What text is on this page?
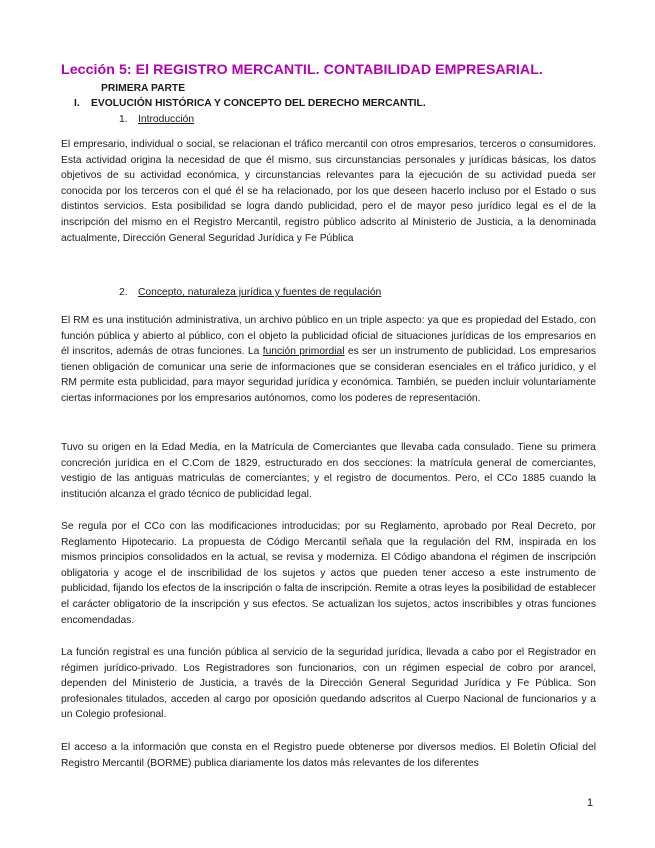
Lección 5: El REGISTRO MERCANTIL. CONTABILIDAD EMPRESARIAL.
PRIMERA PARTE
I. EVOLUCIÓN HISTÓRICA Y CONCEPTO DEL DERECHO MERCANTIL.
1. Introducción

El empresario, individual o social, se relacionan el tráfico mercantil con otros empresarios, terceros o consumidores. Esta actividad origina la necesidad de que él mismo, sus circunstancias personales y jurídicas básicas, los datos objetivos de su actividad económica, y circunstancias relevantes para la ejecución de su actividad pueda ser conocida por los terceros con el qué él se ha relacionado, por los que deseen hacerlo incluso por el Estado o sus distintos servicios. Esta posibilidad se logra dando publicidad, pero el de mayor peso jurídico legal es el de la inscripción del mismo en el Registro Mercantil, registro público adscrito al Ministerio de Justicia, a la denominada actualmente, Dirección General Seguridad Jurídica y Fe Pública

2. Concepto, naturaleza jurídica y fuentes de regulación

El RM es una institución administrativa, un archivo público en un triple aspecto: ya que es propiedad del Estado, con función pública y abierto al público, con el objeto la publicidad oficial de situaciones jurídicas de los empresarios en él inscritos, además de otras funciones. La función primordial es ser un instrumento de publicidad. Los empresarios tienen obligación de comunicar una serie de informaciones que se consideran esenciales en el tráfico jurídico, y el RM permite esta publicidad, para mayor seguridad jurídica y económica. También, se pueden incluir voluntariamente ciertas informaciones por los empresarios autónomos, como los poderes de representación.

Tuvo su origen en la Edad Media, en la Matrícula de Comerciantes que llevaba cada consulado. Tiene su primera concreción jurídica en el C.Com de 1829, estructurado en dos secciones: la matrícula general de comerciantes, vestigio de las antiguas matriculas de comerciantes; y el registro de documentos. Pero, el CCo 1885 cuando la institución alcanza el grado técnico de publicidad legal.

Se regula por el CCo con las modificaciones introducidas; por su Reglamento, aprobado por Real Decreto, por Reglamento Hipotecario. La propuesta de Código Mercantil señala que la regulación del RM, inspirada en los mismos principios consolidados en la actual, se revisa y moderniza. El Código abandona el régimen de inscripción obligatoria y acoge el de inscribilidad de los sujetos y actos que pueden tener acceso a este instrumento de publicidad, fijando los efectos de la inscripción o falta de inscripción. Remite a otras leyes la posibilidad de establecer el carácter obligatorio de la inscripción y sus efectos. Se actualizan los sujetos, actos inscribibles y otras funciones encomendadas.

La función registral es una función pública al servicio de la seguridad jurídica, llevada a cabo por el Registrador en régimen jurídico-privado. Los Registradores son funcionarios, con un régimen especial de cobro por arancel, dependen del Ministerio de Justicia, a través de la Dirección General Seguridad Jurídica y Fe Pública. Son profesionales titulados, acceden al cargo por oposición quedando adscritos al Cuerpo Nacional de funcionarios y a un Colegio profesional.

El acceso a la información que consta en el Registro puede obtenerse por diversos medios. El Boletín Oficial del Registro Mercantil (BORME) publica diariamente los datos más relevantes de los diferentes

1
